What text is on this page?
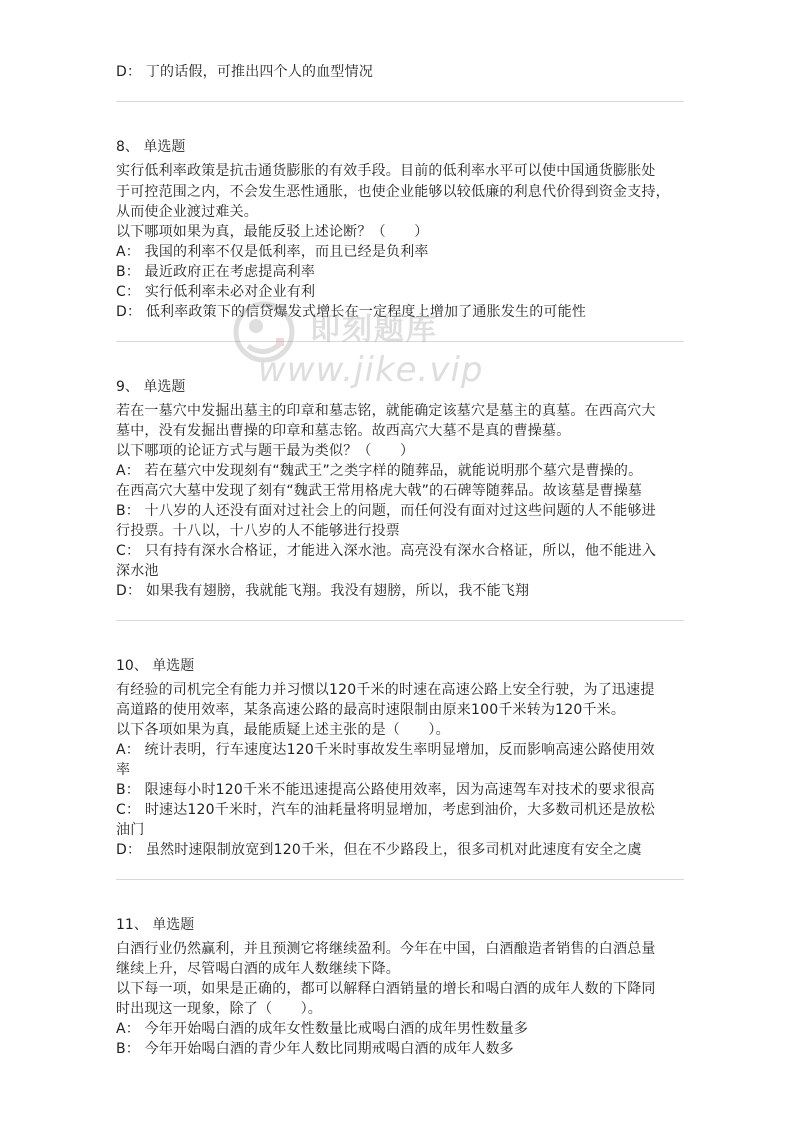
D： 丁的话假，可推出四个人的血型情况
8、 单选题
实行低利率政策是抗击通货膨胀的有效手段。目前的低利率水平可以使中国通货膨胀处
于可控范围之内，不会发生恶性通胀，也使企业能够以较低廉的利息代价得到资金支持，
从而使企业渡过难关。
以下哪项如果为真，最能反驳上述论断？（　　）
A： 我国的利率不仅是低利率，而且已经是负利率
B： 最近政府正在考虑提高利率
C： 实行低利率未必对企业有利
D： 低利率政策下的信贷爆发式增长在一定程度上增加了通胀发生的可能性
9、 单选题
若在一墓穴中发掘出墓主的印章和墓志铭，就能确定该墓穴是墓主的真墓。在西高穴大
墓中，没有发掘出曹操的印章和墓志铭。故西高穴大墓不是真的曹操墓。
以下哪项的论证方式与题干最为类似？（　　）
A： 若在墓穴中发现刻有“魏武王”之类字样的随葬品，就能说明那个墓穴是曹操的。
在西高穴大墓中发现了刻有“魏武王常用格虎大戟”的石碑等随葬品。故该墓是曹操墓
B： 十八岁的人还没有面对过社会上的问题，而任何没有面对过这些问题的人不能够进
行投票。十八以，十八岁的人不能够进行投票
C： 只有持有深水合格证，才能进入深水池。高亮没有深水合格证，所以，他不能进入
深水池
D： 如果我有翅膀，我就能飞翔。我没有翅膀，所以，我不能飞翔
10、 单选题
有经验的司机完全有能力并习惯以120千米的时速在高速公路上安全行驶，为了迅速提
高道路的使用效率，某条高速公路的最高时速限制由原来100千米转为120千米。
以下各项如果为真，最能质疑上述主张的是（　　）。
A： 统计表明，行车速度达120千米时事故发生率明显增加，反而影响高速公路使用效
率
B： 限速每小时120千米不能迅速提高公路使用效率，因为高速驾车对技术的要求很高
C： 时速达120千米时，汽车的油耗量将明显增加，考虑到油价，大多数司机还是放松
油门
D： 虽然时速限制放宽到120千米，但在不少路段上，很多司机对此速度有安全之虞
11、 单选题
白酒行业仍然赢利，并且预测它将继续盈利。今年在中国，白酒酿造者销售的白酒总量
继续上升，尽管喝白酒的成年人数继续下降。
以下每一项，如果是正确的，都可以解释白酒销量的增长和喝白酒的成年人数的下降同
时出现这一现象，除了（　　）。
A： 今年开始喝白酒的成年女性数量比戒喝白酒的成年男性数量多
B： 今年开始喝白酒的青少年人数比同期戒喝白酒的成年人数多
即刻题库
www.jike.vip
